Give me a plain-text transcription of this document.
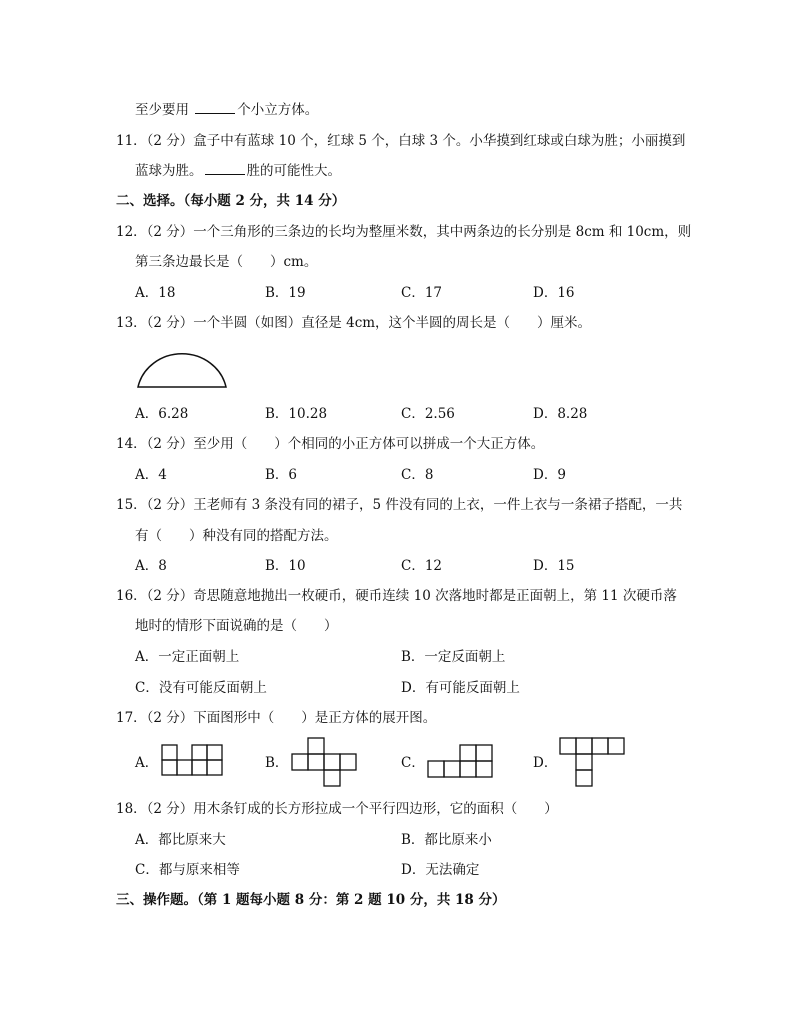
至少要用	个小立方体。
11．（2 分）盒子中有蓝球 10 个，红球 5 个，白球 3 个。小华摸到红球或白球为胜；小丽摸到
蓝球为胜。	胜的可能性大。
二、选择。（每小题 2 分，共 14 分）
12．（2 分）一个三角形的三条边的长均为整厘米数，其中两条边的长分别是 8cm 和 10cm，则
第三条边最长是（　　）cm。
A．18	B．19	C．17	D．16
13．（2 分）一个半圆（如图）直径是 4cm，这个半圆的周长是（　　）厘米。
A．6.28	B．10.28	C．2.56	D．8.28
14．（2 分）至少用（　　）个相同的小正方体可以拼成一个大正方体。
A．4	B．6	C．8	D．9
15．（2 分）王老师有 3 条没有同的裙子，5 件没有同的上衣，一件上衣与一条裙子搭配，一共
有（　　）种没有同的搭配方法。
A．8	B．10	C．12	D．15
16．（2 分）奇思随意地抛出一枚硬币，硬币连续 10 次落地时都是正面朝上，第 11 次硬币落
地时的情形下面说确的是（　　）
A．一定正面朝上	B．一定反面朝上
C．没有可能反面朝上	D．有可能反面朝上
17．（2 分）下面图形中（　　）是正方体的展开图。
A．	B．	C．	D．
18．（2 分）用木条钉成的长方形拉成一个平行四边形，它的面积（　　）
A．都比原来大	B．都比原来小
C．都与原来相等	D．无法确定
三、操作题。（第 1 题每小题 8 分：第 2 题 10 分，共 18 分）
